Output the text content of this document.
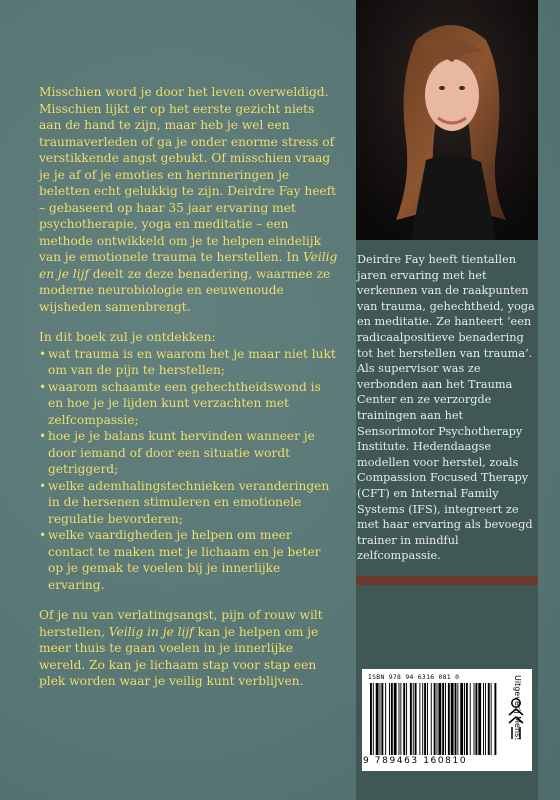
Misschien word je door het leven overweldigd. Misschien lijkt er op het eerste gezicht niets aan de hand te zijn, maar heb je wel een traumaverleden of ga je onder enorme stress of verstikkende angst gebukt. Of misschien vraag je je af of je emoties en herinneringen je beletten echt gelukkig te zijn. Deirdre Fay heeft – gebaseerd op haar 35 jaar ervaring met psychotherapie, yoga en meditatie – een methode ontwikkeld om je te helpen eindelijk van je emotionele trauma te herstellen. In Veilig en je lijf deelt ze deze benadering, waarmee ze moderne neurobiologie en eeuwenoude wijsheden samenbrengt.

In dit boek zul je ontdekken:

• wat trauma is en waarom het je maar niet lukt om van de pijn te herstellen;
• waarom schaamte een gehechtheidswond is en hoe je je lijden kunt verzachten met zelfcompassie;
• hoe je je balans kunt hervinden wanneer je door iemand of door een situatie wordt getriggerd;
• welke ademhalingstechnieken veranderingen in de hersenen stimuleren en emotionele regulatie bevorderen;
• welke vaardigheden je helpen om meer contact te maken met je lichaam en je beter op je gemak te voelen bij je innerlijke ervaring.

Of je nu van verlatingsangst, pijn of rouw wilt herstellen, Veilig in je lijf kan je helpen om je meer thuis te gaan voelen in je innerlijke wereld. Zo kan je lichaam stap voor stap een plek worden waar je veilig kunt verblijven.

Deirdre Fay heeft tientallen jaren ervaring met het verkennen van de raakpunten van trauma, gehechtheid, yoga en meditatie. Ze hanteert ‘een radicaalpositieve benadering tot het herstellen van trauma’. Als supervisor was ze verbonden aan het Trauma Center en ze verzorgde trainingen aan het Sensorimotor Psychotherapy Institute. Hedendaagse modellen voor herstel, zoals Compassion Focused Therapy (CFT) en Internal Family Systems (IFS), integreert ze met haar ervaring als bevoegd trainer in mindful zelfcompassie.
ISBN 978 94 6316 081 0
9 789463 160810
Uitgeverij Mens!
